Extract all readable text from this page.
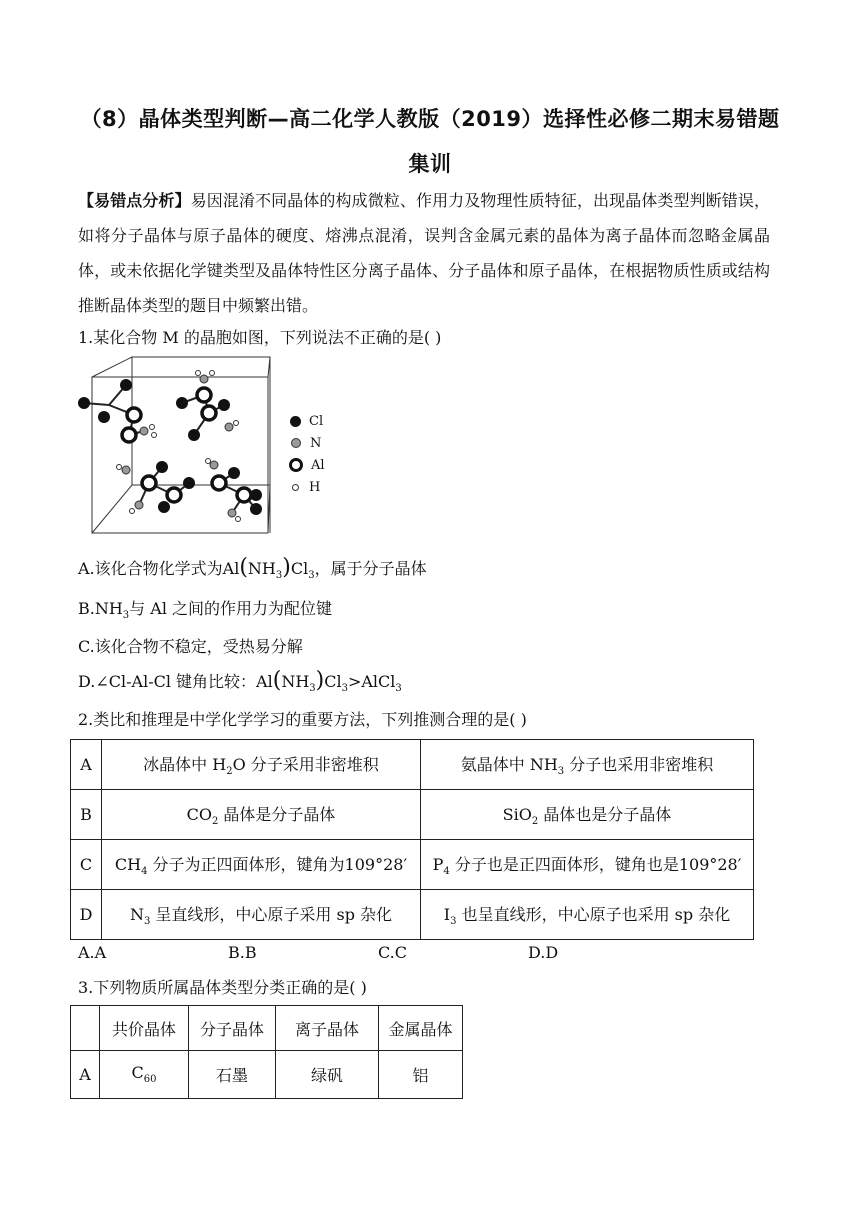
（8）晶体类型判断—高二化学人教版（2019）选择性必修二期末易错题
集训
【易错点分析】易因混淆不同晶体的构成微粒、作用力及物理性质特征，出现晶体类型判断错误，如将分子晶体与原子晶体的硬度、熔沸点混淆，误判含金属元素的晶体为离子晶体而忽略金属晶体，或未依据化学键类型及晶体特性区分离子晶体、分子晶体和原子晶体，在根据物质性质或结构推断晶体类型的题目中频繁出错。
1.某化合物 M 的晶胞如图，下列说法不正确的是( )
Cl
N
Al
H
A.该化合物化学式为$Al(NH_3)Cl_3$，属于分子晶体
$B.NH_3$与 Al 之间的作用力为配位键
C.该化合物不稳定，受热易分解
D.∠Cl-Al-Cl 键角比较：$Al(NH_3)Cl_3>AlCl_3$
2.类比和推理是中学化学学习的重要方法，下列推测合理的是( )
A	冰晶体中 $H_2O$ 分子采用非密堆积	氨晶体中 $NH_3$ 分子也采用非密堆积
B	$CO_2$ 晶体是分子晶体	SiO$_2$ 晶体也是分子晶体
C	$CH_4$ 分子为正四面体形，键角为109°28′	$P_4$ 分子也是正四面体形，键角也是109°28′
D	$N_3$ 呈直线形，中心原子采用 sp 杂化	$I_3$ 也呈直线形，中心原子也采用 sp 杂化
A.A	B.B	C.C	D.D
3.下列物质所属晶体类型分类正确的是( )
	共价晶体	分子晶体	离子晶体	金属晶体
A	$C_{60}$	石墨	绿矾	铝
